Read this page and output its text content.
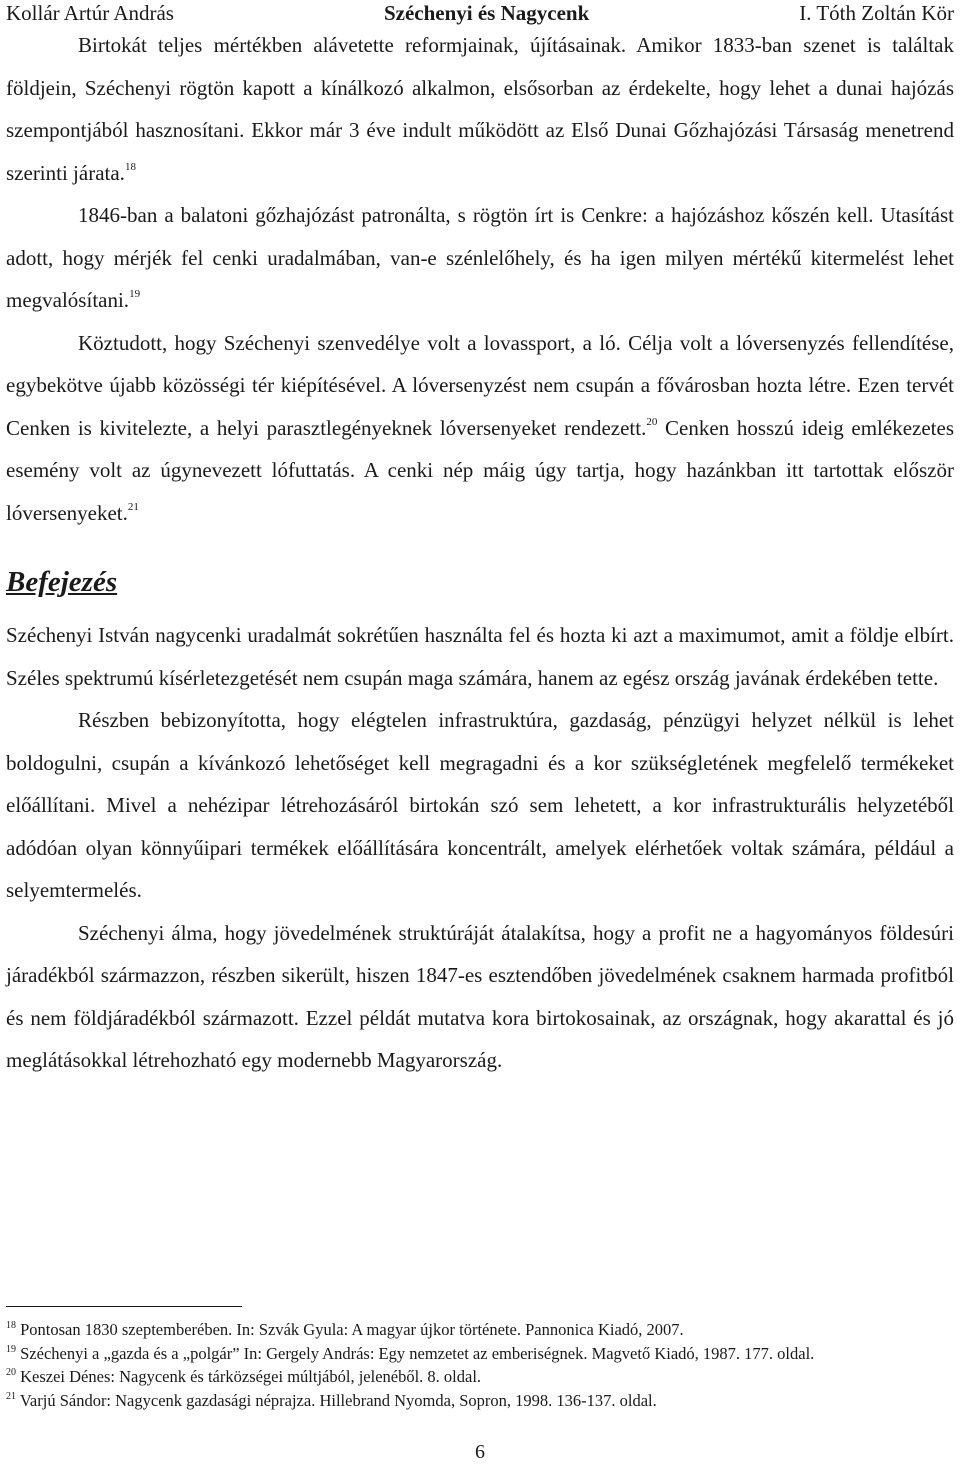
Kollár Artúr András	Széchenyi és Nagycenk	I. Tóth Zoltán Kör

Birtokát teljes mértékben alávetette reformjainak, újításainak. Amikor 1833-ban szenet is találtak földjein, Széchenyi rögtön kapott a kínálkozó alkalmon, elsősorban az érdekelte, hogy lehet a dunai hajózás szempontjából hasznosítani. Ekkor már 3 éve indult működött az Első Dunai Gőzhajózási Társaság menetrend szerinti járata.$^{18}$

1846-ban a balatoni gőzhajózást patronálta, s rögtön írt is Cenkre: a hajózáshoz kőszén kell. Utasítást adott, hogy mérjék fel cenki uradalmában, van-e szénlelőhely, és ha igen milyen mértékű kitermelést lehet megvalósítani.$^{19}$

Köztudott, hogy Széchenyi szenvedélye volt a lovassport, a ló. Célja volt a lóversenyzés fellendítése, egybekötve újabb közösségi tér kiépítésével. A lóversenyzést nem csupán a fővárosban hozta létre. Ezen tervét Cenken is kivitelezte, a helyi parasztlegényeknek lóversenyeket rendezett.$^{20}$ Cenken hosszú ideig emlékezetes esemény volt az úgynevezett lófuttatás. A cenki nép máig úgy tartja, hogy hazánkban itt tartottak először lóversenyeket.$^{21}$

Befejezés

Széchenyi István nagycenki uradalmát sokrétűen használta fel és hozta ki azt a maximumot, amit a földje elbírt. Széles spektrumú kísérletezgetését nem csupán maga számára, hanem az egész ország javának érdekében tette.

Részben bebizonyította, hogy elégtelen infrastruktúra, gazdaság, pénzügyi helyzet nélkül is lehet boldogulni, csupán a kívánkozó lehetőséget kell megragadni és a kor szükségletének megfelelő termékeket előállítani. Mivel a nehézipar létrehozásáról birtokán szó sem lehetett, a kor infrastrukturális helyzetéből adódóan olyan könnyűipari termékek előállítására koncentrált, amelyek elérhetőek voltak számára, például a selyemtermelés.

Széchenyi álma, hogy jövedelmének struktúráját átalakítsa, hogy a profit ne a hagyományos földesúri járadékból származzon, részben sikerült, hiszen 1847-es esztendőben jövedelmének csaknem harmada profitból és nem földjáradékból származott. Ezzel példát mutatva kora birtokosainak, az országnak, hogy akarattal és jó meglátásokkal létrehozható egy modernebb Magyarország.

$^{18}$ Pontosan 1830 szeptemberében. In: Szvák Gyula: A magyar újkor története. Pannonica Kiadó, 2007.

$^{19}$ Széchenyi a „gazda és a „polgár” In: Gergely András: Egy nemzetet az emberiségnek. Magvető Kiadó, 1987. 177. oldal.

$^{20}$ Keszei Dénes: Nagycenk és tárközségei múltjából, jelenéből. 8. oldal.

$^{21}$ Varjú Sándor: Nagycenk gazdasági néprajza. Hillebrand Nyomda, Sopron, 1998. 136-137. oldal.

6
